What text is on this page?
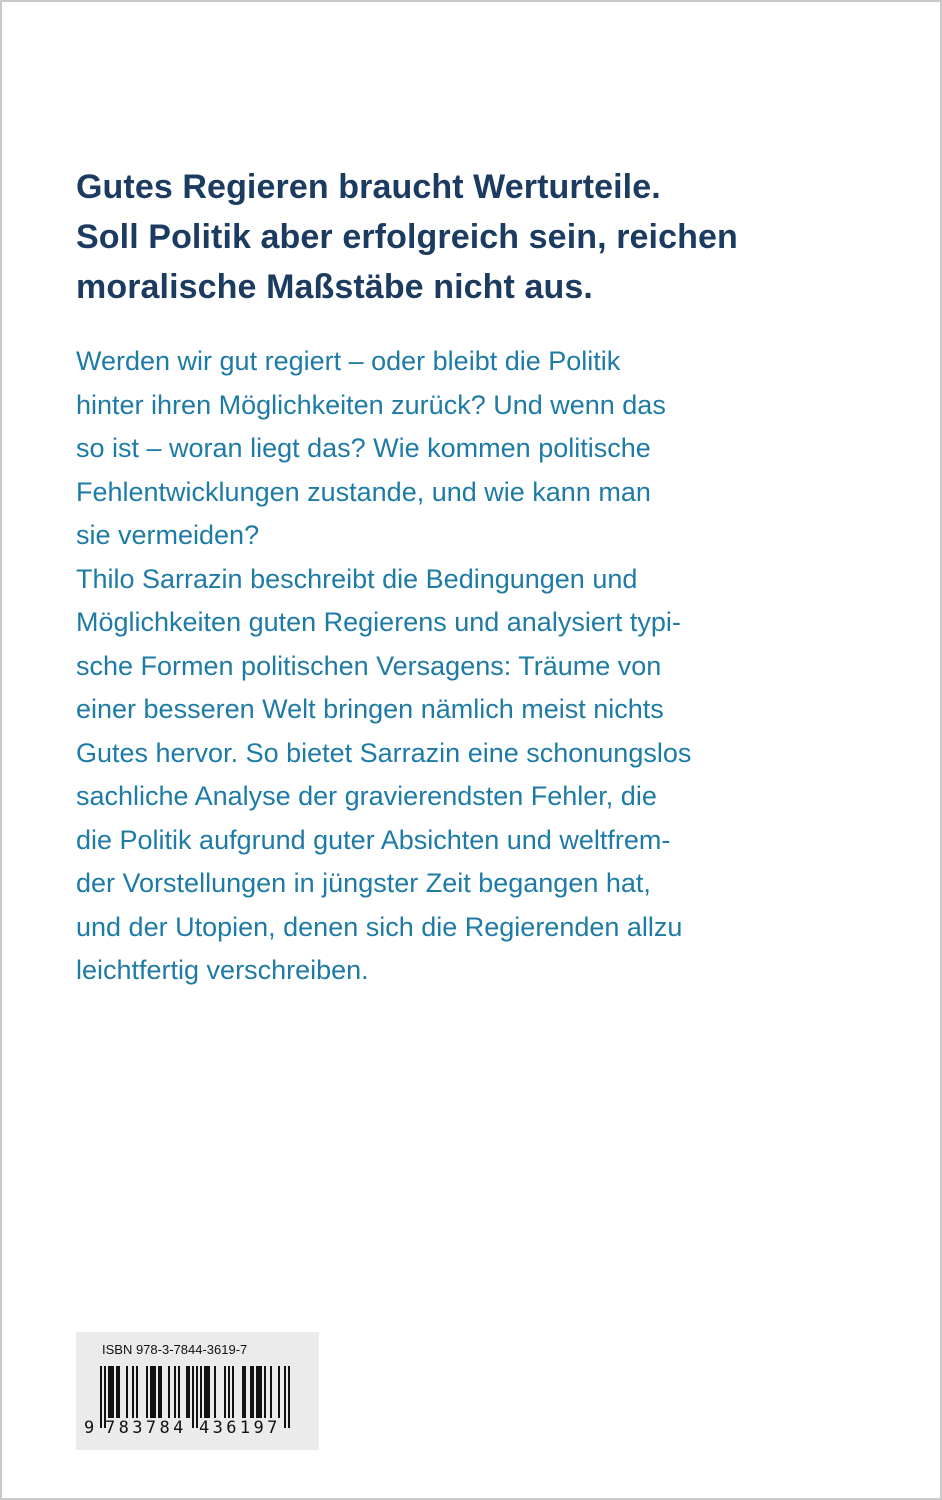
Gutes Regieren braucht Werturteile.
Soll Politik aber erfolgreich sein, reichen
moralische Maßstäbe nicht aus.
Werden wir gut regiert – oder bleibt die Politik
hinter ihren Möglichkeiten zurück? Und wenn das
so ist – woran liegt das? Wie kommen politische
Fehlentwicklungen zustande, und wie kann man
sie vermeiden?
Thilo Sarrazin beschreibt die Bedingungen und
Möglichkeiten guten Regierens und analysiert typi-
sche Formen politischen Versagens: Träume von
einer besseren Welt bringen nämlich meist nichts
Gutes hervor. So bietet Sarrazin eine schonungslos
sachliche Analyse der gravierendsten Fehler, die
die Politik aufgrund guter Absichten und weltfrem-
der Vorstellungen in jüngster Zeit begangen hat,
und der Utopien, denen sich die Regierenden allzu
leichtfertig verschreiben.
ISBN 978-3-7844-3619-7
9 783784 436197
